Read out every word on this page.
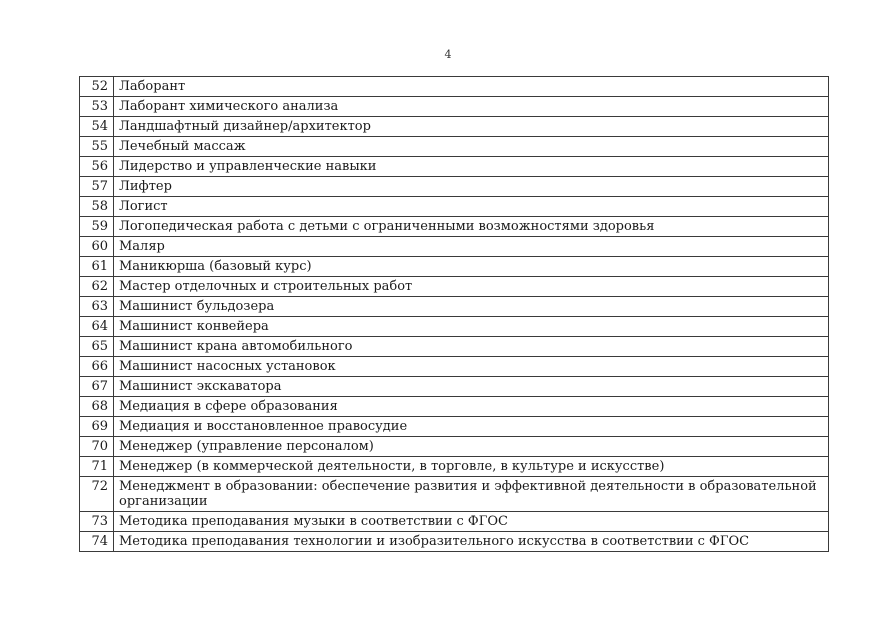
4
52	Лаборант
53	Лаборант химического анализа
54	Ландшафтный дизайнер/архитектор
55	Лечебный массаж
56	Лидерство и управленческие навыки
57	Лифтер
58	Логист
59	Логопедическая работа с детьми с ограниченными возможностями здоровья
60	Маляр
61	Маникюрша (базовый курс)
62	Мастер отделочных и строительных работ
63	Машинист бульдозера
64	Машинист конвейера
65	Машинист крана автомобильного
66	Машинист насосных установок
67	Машинист экскаватора
68	Медиация в сфере образования
69	Медиация и восстановленное правосудие
70	Менеджер (управление персоналом)
71	Менеджер (в коммерческой деятельности, в торговле, в культуре и искусстве)
72	Менеджмент в образовании: обеспечение развития и эффективной деятельности в образовательной организации
73	Методика преподавания музыки в соответствии с ФГОС
74	Методика преподавания технологии и изобразительного искусства в соответствии с ФГОС
